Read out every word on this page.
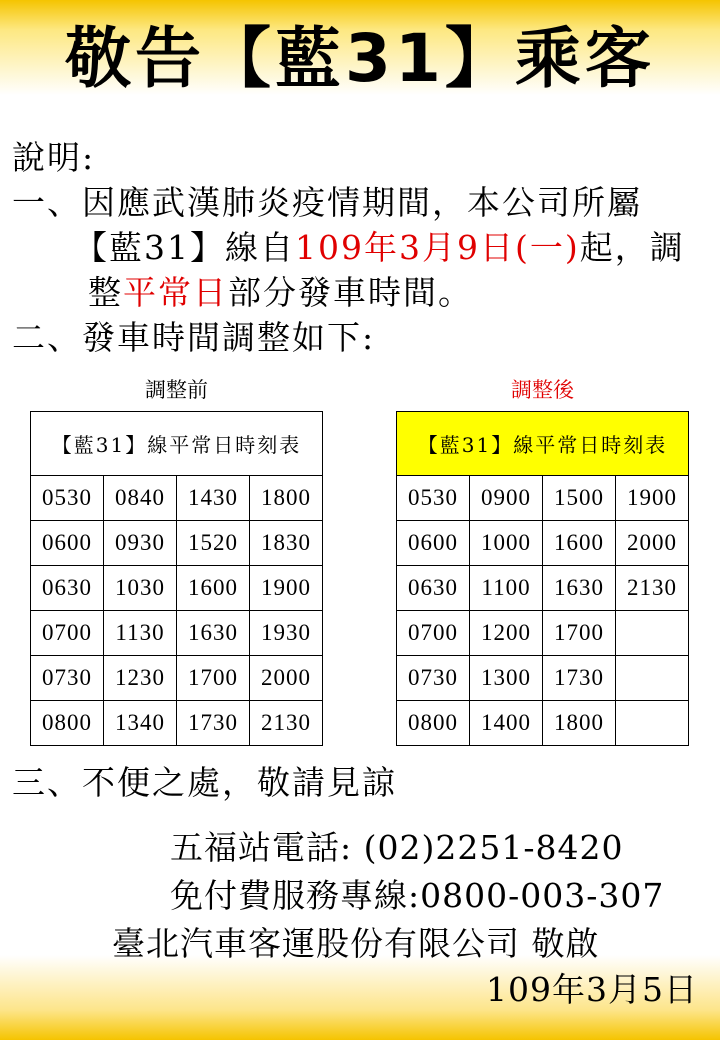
敬告【藍31】乘客
說明:
一、因應武漢肺炎疫情期間，本公司所屬
【藍31】線自109年3月9日(一)起，調
整平常日部分發車時間。
二、發車時間調整如下:
調整前	調整後
【藍31】線平常日時刻表			
0530	0840	1430	1800
0600	0930	1520	1830
0630	1030	1600	1900
0700	1130	1630	1930
0730	1230	1700	2000
0800	1340	1730	2130
【藍31】線平常日時刻表			
0530	0900	1500	1900
0600	1000	1600	2000
0630	1100	1630	2130
0700	1200	1700	
0730	1300	1730	
0800	1400	1800	
三、不便之處，敬請見諒
五福站電話: (02)2251-8420
免付費服務專線:0800-003-307
臺北汽車客運股份有限公司 敬啟
109年3月5日
